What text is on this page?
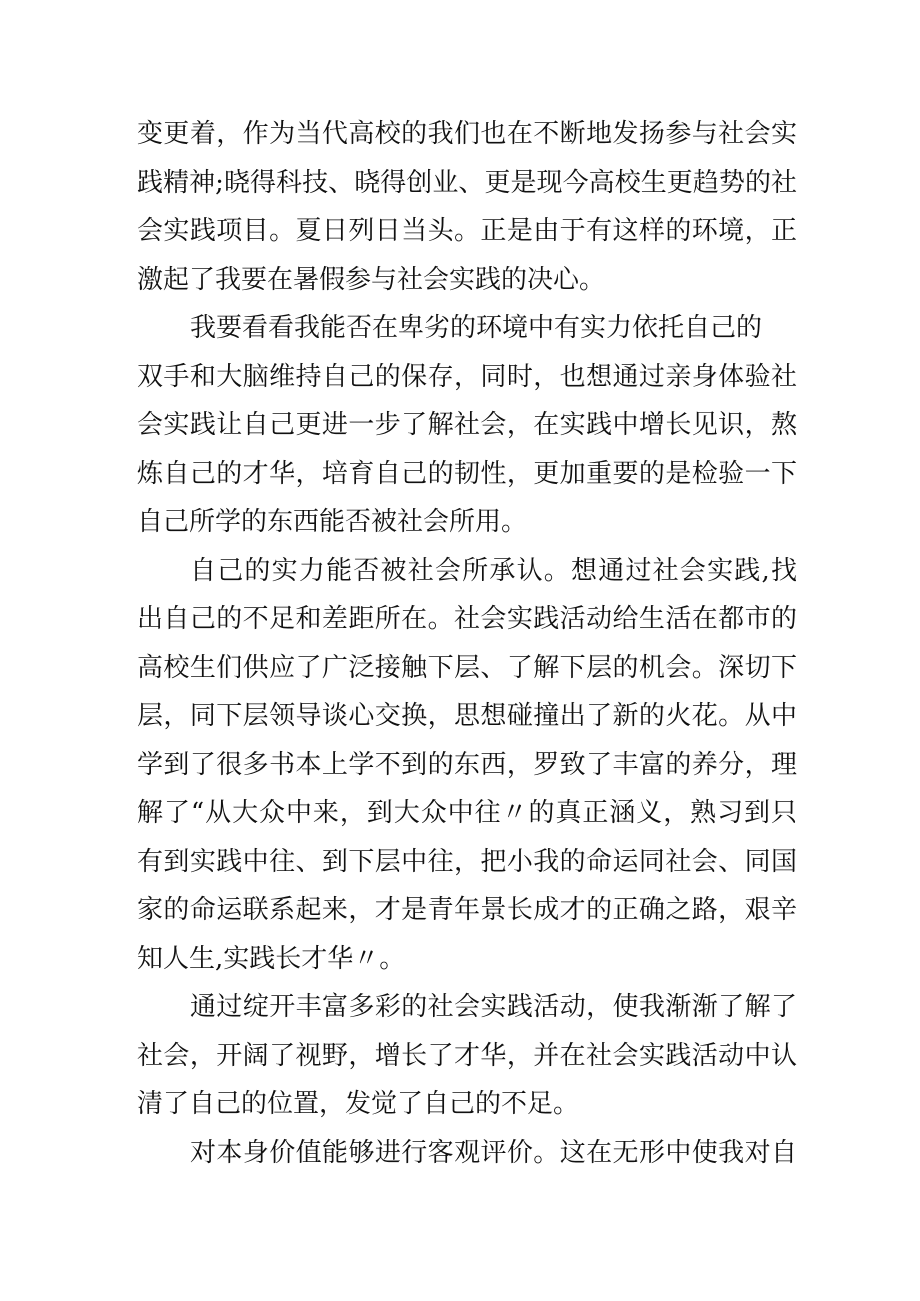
变更着，作为当代高校的我们也在不断地发扬参与社会实
践精神;晓得科技、晓得创业、更是现今高校生更趋势的社
会实践项目。夏日列日当头。正是由于有这样的环境，正
激起了我要在暑假参与社会实践的决心。
我要看看我能否在卑劣的环境中有实力依托自己的
双手和大脑维持自己的保存，同时，也想通过亲身体验社
会实践让自己更进一步了解社会，在实践中增长见识，熬
炼自己的才华，培育自己的韧性，更加重要的是检验一下
自己所学的东西能否被社会所用。
自己的实力能否被社会所承认。想通过社会实践,找
出自己的不足和差距所在。社会实践活动给生活在都市的
高校生们供应了广泛接触下层、了解下层的机会。深切下
层，同下层领导谈心交换，思想碰撞出了新的火花。从中
学到了很多书本上学不到的东西，罗致了丰富的养分，理
解了“从大众中来，到大众中往〃的真正涵义，熟习到只
有到实践中往、到下层中往，把小我的命运同社会、同国
家的命运联系起来，才是青年景长成才的正确之路，艰辛
知人生,实践长才华〃。
通过绽开丰富多彩的社会实践活动，使我渐渐了解了
社会，开阔了视野，增长了才华，并在社会实践活动中认
清了自己的位置，发觉了自己的不足。
对本身价值能够进行客观评价。这在无形中使我对自
